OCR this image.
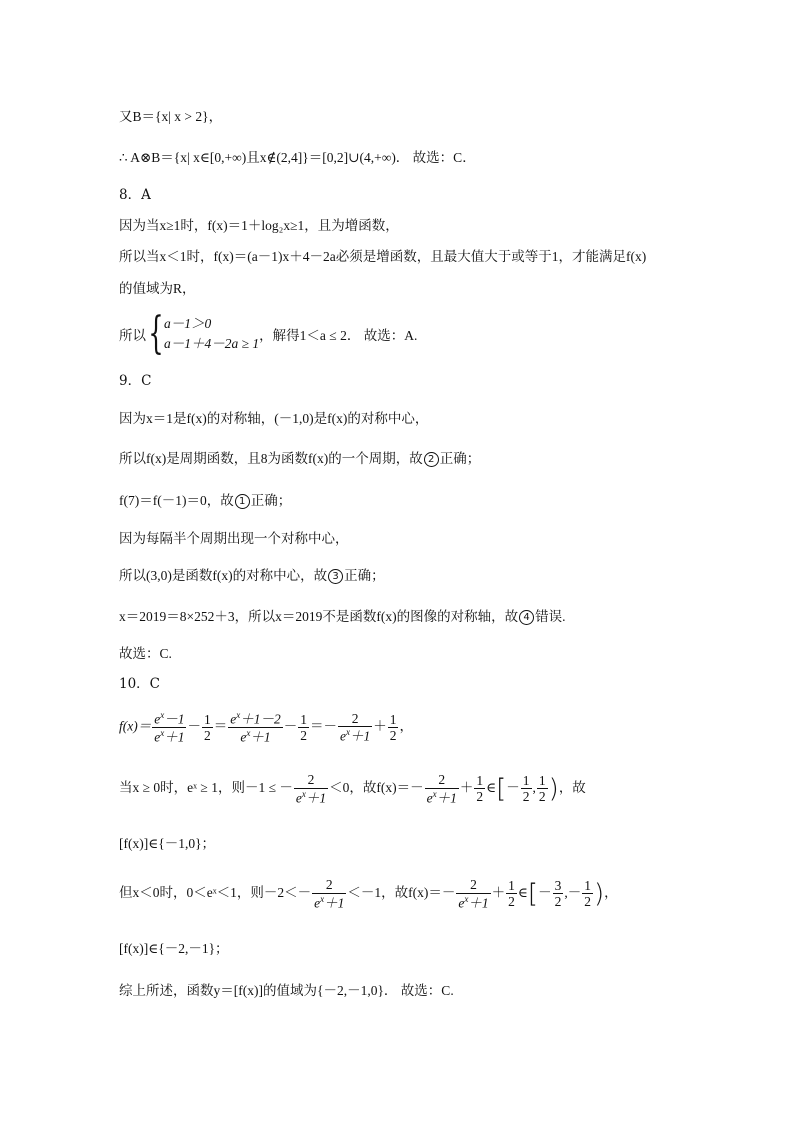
又B＝{x| x > 2}，
∴ A⊗B＝{x| x∈[0,+∞)且x∉(2,4]}＝[0,2]∪(4,+∞)． 故选：C．
8．A
因为当x≥1时，f(x)＝1＋log₂x≥1，且为增函数，
所以当x＜1时，f(x)＝(a－1)x＋4－2a必须是增函数，且最大值大于或等于1，才能满足f(x)
的值域为R，
所以{ a－1＞0
a－1＋4－2a ≥ 1
，解得1＜a ≤ 2． 故选：A.
9．C
因为x＝1是f(x)的对称轴，(－1,0)是f(x)的对称中心，
所以f(x)是周期函数，且8为函数f(x)的一个周期，故 2 正确；
f(7)＝f(－1)＝0，故 1 正确；
因为每隔半个周期出现一个对称中心，
所以(3,0)是函数f(x)的对称中心，故 3 正确；
x＝2019＝8×252＋3，所以x＝2019不是函数f(x)的图像的对称轴，故 4 错误.
故选：C.
10．C
$f(x)= \frac{e^x-1}{e^x+1} - \frac{1}{2} = \frac{e^x+1-2}{e^x+1} - \frac{1}{2} =- \frac{2}{e^x+1} + \frac{1}{2}$ ，
当x ≥ 0时，eˣ ≥ 1，则－1 ≤ － $\frac{2}{e^x+1} <0$，故$f(x)=- \frac{2}{e^x+1} + \frac{1}{2}$ ∈[－ $\frac{1}{2}$ , $\frac{1}{2}$ )，故
[f(x)]∈{－1,0}；
但x＜0时，0＜eˣ＜1，则$-2<- \frac{2}{e^x+1} <-1$，故$f(x)=- \frac{2}{e^x+1} + \frac{1}{2}$ ∈[－ $\frac{3}{2}$ ,－ $\frac{1}{2}$ )，
[f(x)]∈{－2,－1}；
综上所述，函数y＝[f(x)]的值域为{－2,－1,0}． 故选：C.
